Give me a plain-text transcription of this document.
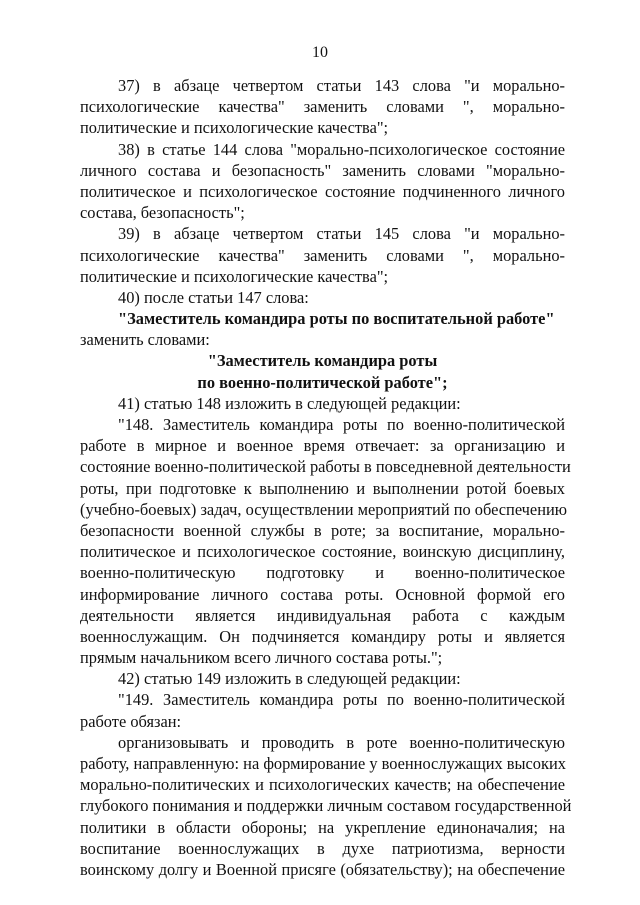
10
37) в абзаце четвертом статьи 143 слова "и морально-
психологические качества" заменить словами ", морально-
политические и психологические качества";
38) в статье 144 слова "морально-психологическое состояние
личного состава и безопасность" заменить словами "морально-
политическое и психологическое состояние подчиненного личного
состава, безопасность";
39) в абзаце четвертом статьи 145 слова "и морально-
психологические качества" заменить словами ", морально-
политические и психологические качества";
40) после статьи 147 слова:
"Заместитель командира роты по воспитательной работе"
заменить словами:
"Заместитель командира роты
по военно-политической работе";
41) статью 148 изложить в следующей редакции:
"148. Заместитель командира роты по военно-политической
работе в мирное и военное время отвечает: за организацию и
состояние военно-политической работы в повседневной деятельности
роты, при подготовке к выполнению и выполнении ротой боевых
(учебно-боевых) задач, осуществлении мероприятий по обеспечению
безопасности военной службы в роте; за воспитание, морально-
политическое и психологическое состояние, воинскую дисциплину,
военно-политическую подготовку и военно-политическое
информирование личного состава роты. Основной формой его
деятельности является индивидуальная работа с каждым
военнослужащим. Он подчиняется командиру роты и является
прямым начальником всего личного состава роты.";
42) статью 149 изложить в следующей редакции:
"149. Заместитель командира роты по военно-политической
работе обязан:
организовывать и проводить в роте военно-политическую
работу, направленную: на формирование у военнослужащих высоких
морально-политических и психологических качеств; на обеспечение
глубокого понимания и поддержки личным составом государственной
политики в области обороны; на укрепление единоначалия; на
воспитание военнослужащих в духе патриотизма, верности
воинскому долгу и Военной присяге (обязательству); на обеспечение
